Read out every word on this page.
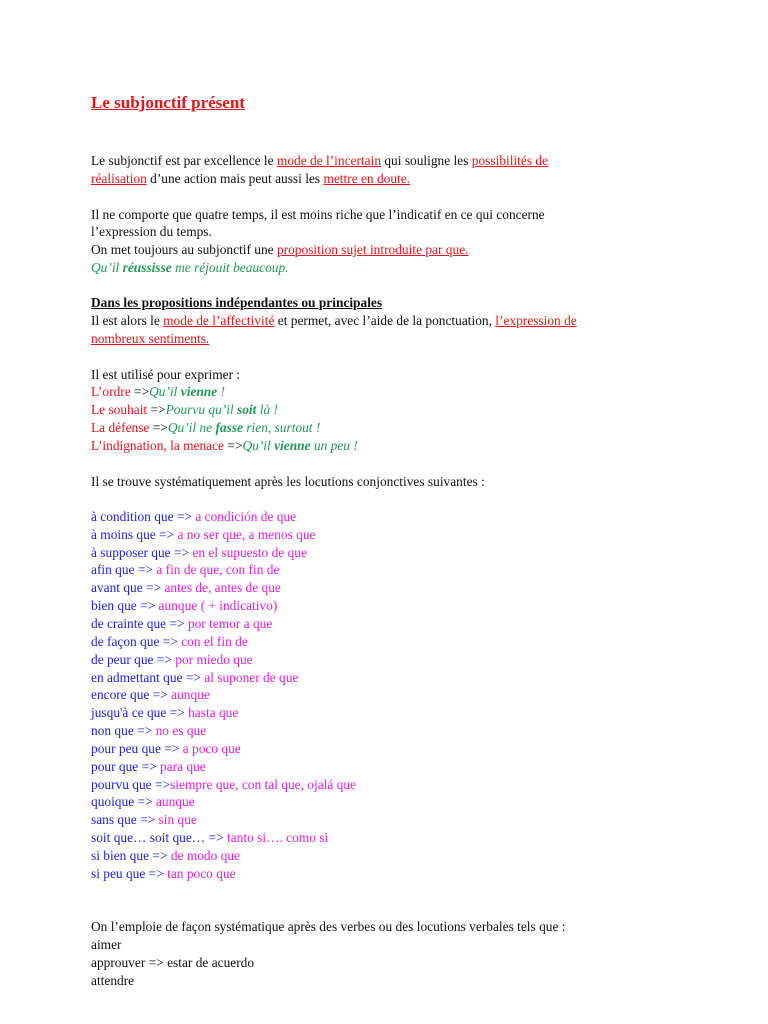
Le subjonctif présent
Le subjonctif est par excellence le mode de l’incertain qui souligne les possibilités de
réalisation d’une action mais peut aussi les mettre en doute.
Il ne comporte que quatre temps, il est moins riche que l’indicatif en ce qui concerne
l’expression du temps.
On met toujours au subjonctif une proposition sujet introduite par que.
Qu’il réussisse me réjouit beaucoup.
Dans les propositions indépendantes ou principales
Il est alors le mode de l’affectivité et permet, avec l’aide de la ponctuation, l’expression de
nombreux sentiments.
Il est utilisé pour exprimer :
L’ordre =>Qu’il vienne !
Le souhait =>Pourvu qu’il soit là !
La défense =>Qu’il ne fasse rien, surtout !
L’indignation, la menace =>Qu’il vienne un peu !
Il se trouve systématiquement après les locutions conjonctives suivantes :
à condition que => a condición de que
à moins que => a no ser que, a menos que
à supposer que => en el supuesto de que
afin que => a fin de que, con fin de
avant que => antes de, antes de que
bien que => aunque ( + indicativo)
de crainte que => por temor a que
de façon que => con el fin de
de peur que => por miedo que
en admettant que => al suponer de que
encore que => aunque
jusqu'à ce que => hasta que
non que => no es que
pour peu que => a poco que
pour que => para que
pourvu que =>siempre que, con tal que, ojalá que
quoique => aunque
sans que => sin que
soit que… soit que… => tanto si…. como si
si bien que => de modo que
si peu que => tan poco que
On l’emploie de façon systématique après des verbes ou des locutions verbales tels que :
aimer
approuver => estar de acuerdo
attendre
